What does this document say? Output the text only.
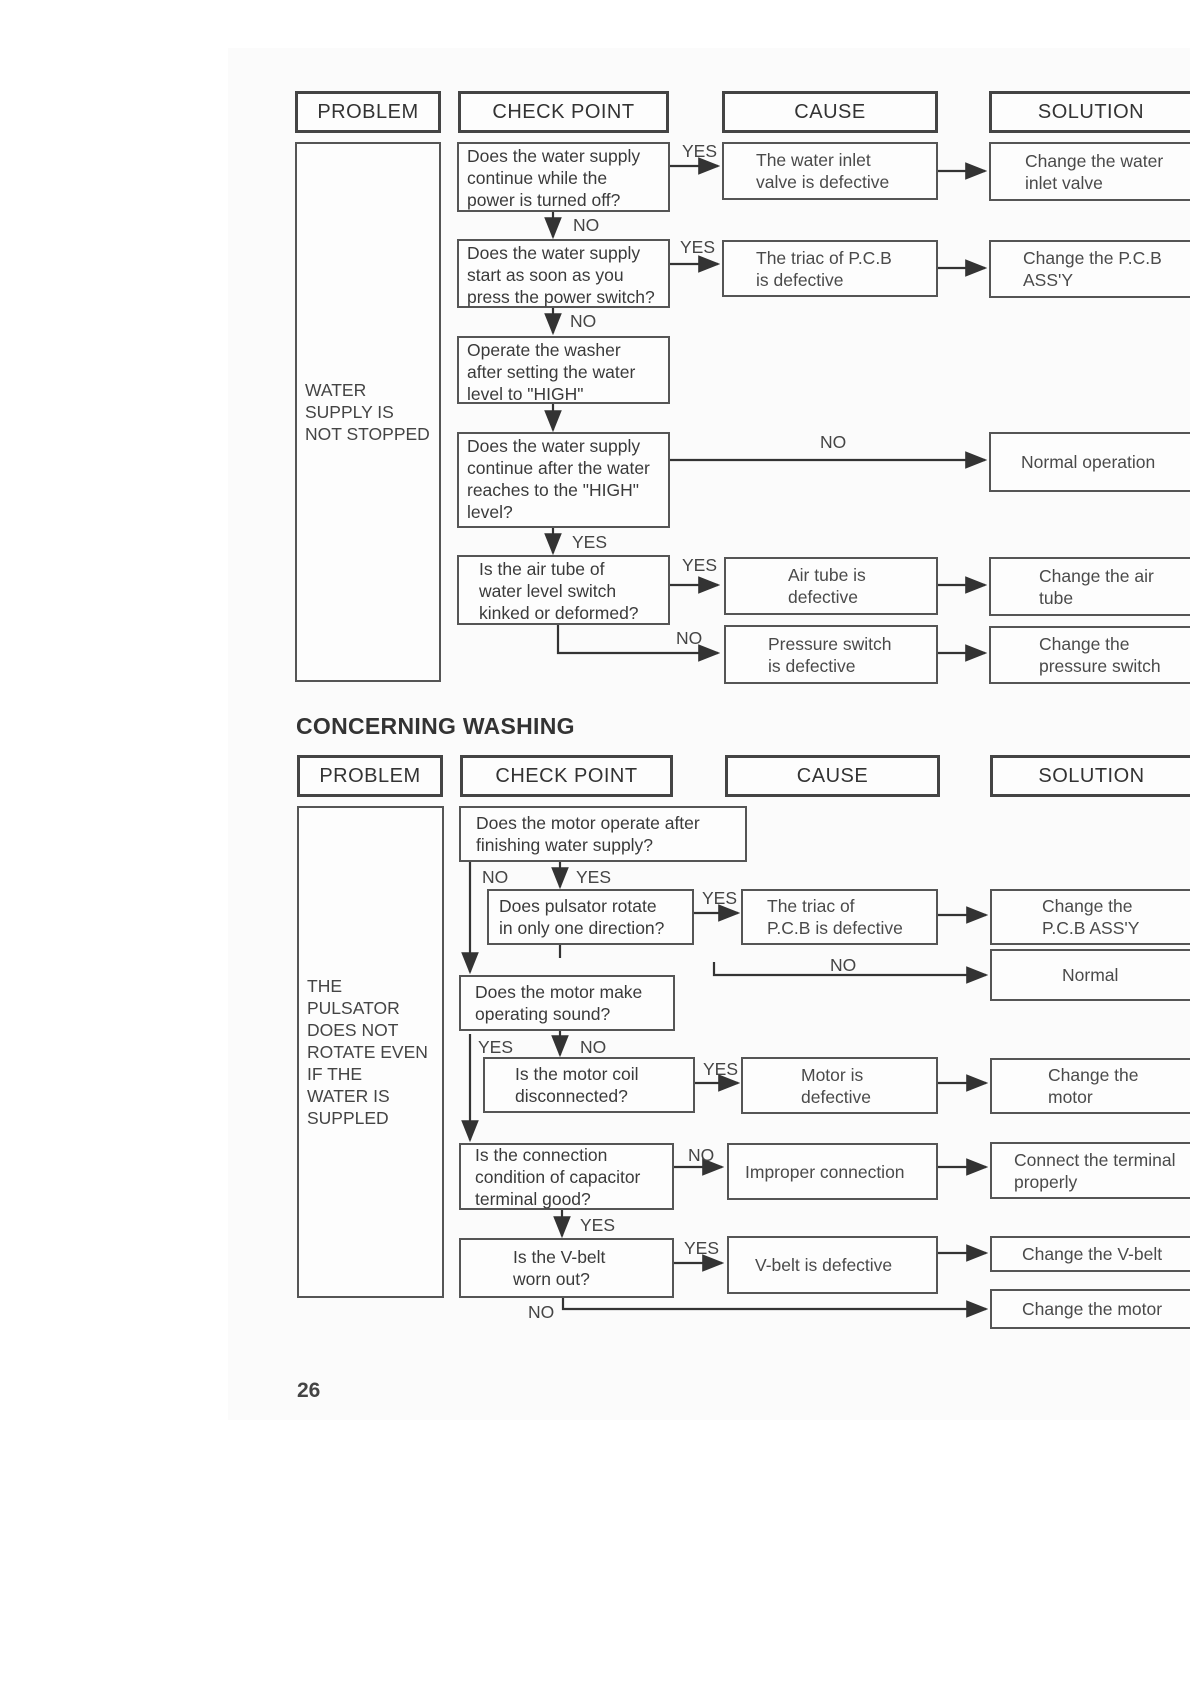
PROBLEM	CHECK POINT	CAUSE	SOLUTION
WATER
SUPPLY IS
NOT STOPPED
Does the water supply
continue while the
power is turned off?
Does the water supply
start as soon as you
press the power switch?
Operate the washer
after setting the water
level to "HIGH"
Does the water supply
continue after the water
reaches to the "HIGH"
level?
Is the air tube of
water level switch
kinked or deformed?
The water inlet
valve is defective
The triac of P.C.B
is defective
Air tube is
defective
Pressure switch
is defective
Change the water
inlet valve
Change the P.C.B
ASS'Y
Normal operation
Change the air
tube
Change the
pressure switch
YES
NO
YES
NO
NO
YES
YES
NO
CONCERNING WASHING
PROBLEM	CHECK POINT	CAUSE	SOLUTION
THE
PULSATOR
DOES NOT
ROTATE EVEN
IF THE
WATER IS
SUPPLED
Does the motor operate after
finishing water supply?
Does pulsator rotate
in only one direction?
Does the motor make
operating sound?
Is the motor coil
disconnected?
Is the connection
condition of capacitor
terminal good?
Is the V-belt
worn out?
The triac of
P.C.B is defective
Motor is
defective
Improper connection
V-belt is defective
Change the
P.C.B ASS'Y
Normal
Change the
motor
Connect the terminal
properly
Change the V-belt
Change the motor
NO	YES
YES
NO
YES	NO
YES
NO
YES
YES
NO
26
